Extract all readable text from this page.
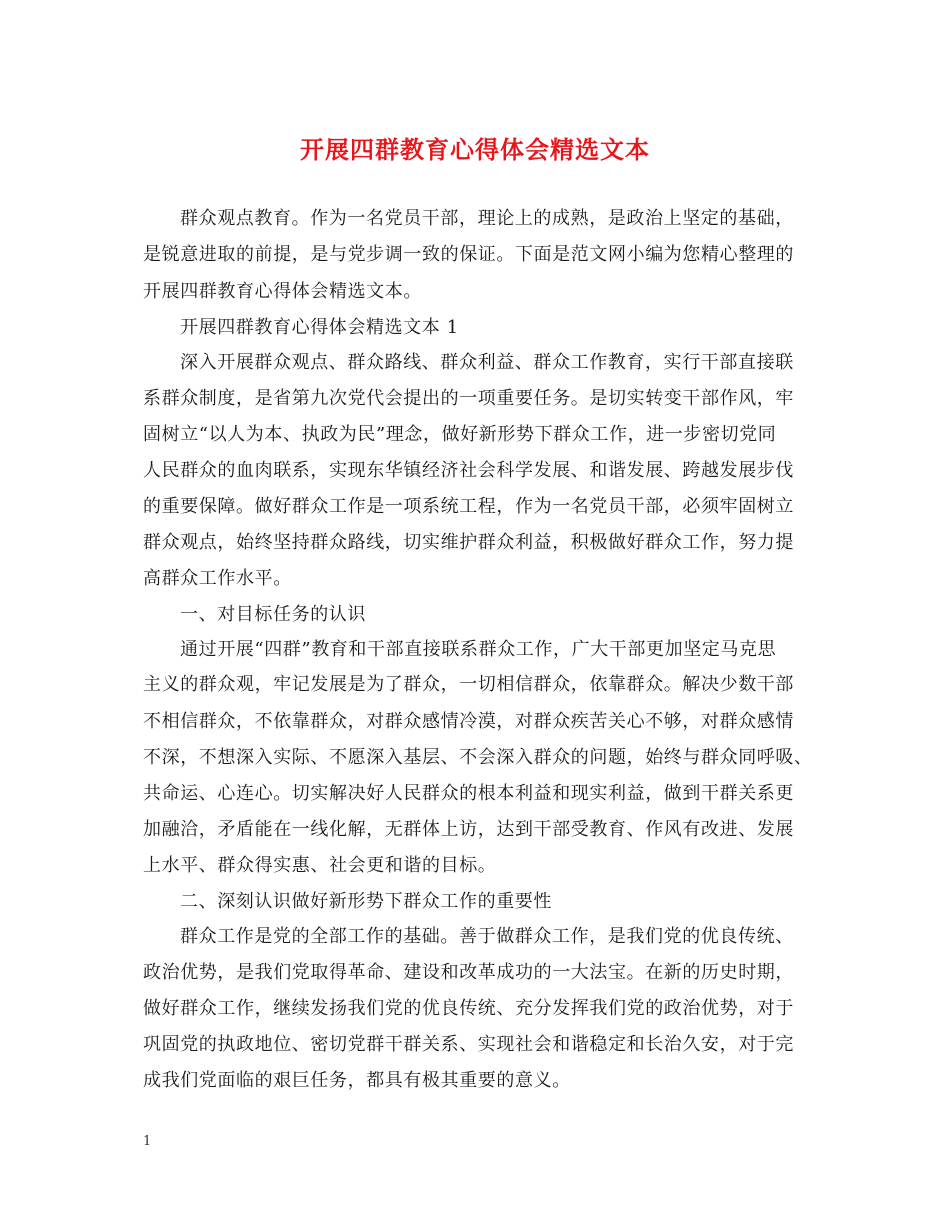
开展四群教育心得体会精选文本
群众观点教育。作为一名党员干部，理论上的成熟，是政治上坚定的基础，
是锐意进取的前提，是与党步调一致的保证。下面是范文网小编为您精心整理的
开展四群教育心得体会精选文本。
开展四群教育心得体会精选文本 1
深入开展群众观点、群众路线、群众利益、群众工作教育，实行干部直接联
系群众制度，是省第九次党代会提出的一项重要任务。是切实转变干部作风，牢
固树立“以人为本、执政为民”理念，做好新形势下群众工作，进一步密切党同
人民群众的血肉联系，实现东华镇经济社会科学发展、和谐发展、跨越发展步伐
的重要保障。做好群众工作是一项系统工程，作为一名党员干部，必须牢固树立
群众观点，始终坚持群众路线，切实维护群众利益，积极做好群众工作，努力提
高群众工作水平。
一、对目标任务的认识
通过开展“四群”教育和干部直接联系群众工作，广大干部更加坚定马克思
主义的群众观，牢记发展是为了群众，一切相信群众，依靠群众。解决少数干部
不相信群众，不依靠群众，对群众感情冷漠，对群众疾苦关心不够，对群众感情
不深，不想深入实际、不愿深入基层、不会深入群众的问题，始终与群众同呼吸、
共命运、心连心。切实解决好人民群众的根本利益和现实利益，做到干群关系更
加融洽，矛盾能在一线化解，无群体上访，达到干部受教育、作风有改进、发展
上水平、群众得实惠、社会更和谐的目标。
二、深刻认识做好新形势下群众工作的重要性
群众工作是党的全部工作的基础。善于做群众工作，是我们党的优良传统、
政治优势，是我们党取得革命、建设和改革成功的一大法宝。在新的历史时期，
做好群众工作，继续发扬我们党的优良传统、充分发挥我们党的政治优势，对于
巩固党的执政地位、密切党群干群关系、实现社会和谐稳定和长治久安，对于完
成我们党面临的艰巨任务，都具有极其重要的意义。
1
